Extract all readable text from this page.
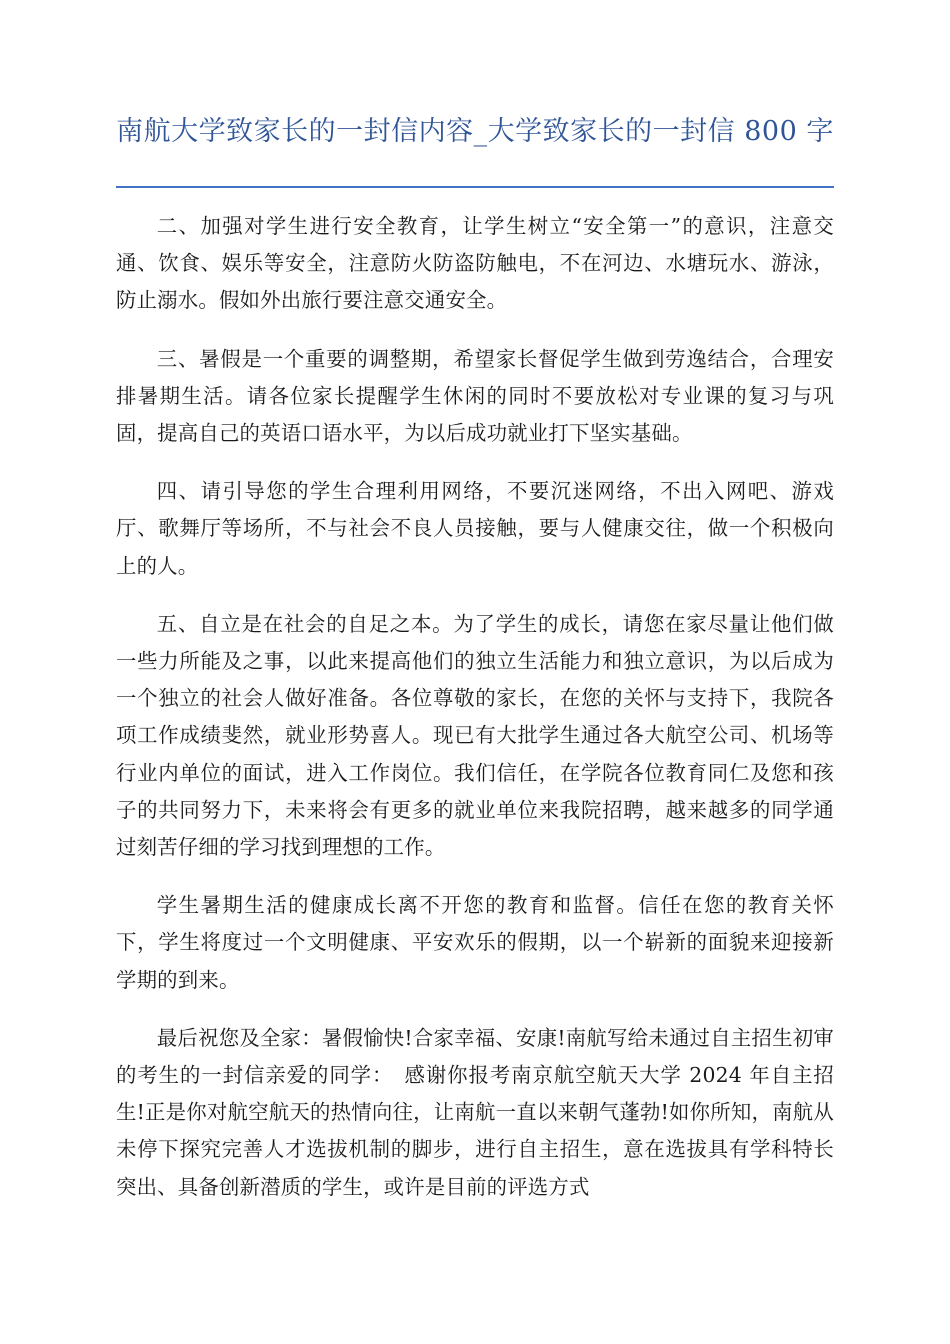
南航大学致家长的一封信内容_大学致家长的一封信 800 字

二、加强对学生进行安全教育，让学生树立“安全第一”的意识，注意交通、饮食、娱乐等安全，注意防火防盗防触电，不在河边、水塘玩水、游泳，防止溺水。假如外出旅行要注意交通安全。

三、暑假是一个重要的调整期，希望家长督促学生做到劳逸结合，合理安排暑期生活。请各位家长提醒学生休闲的同时不要放松对专业课的复习与巩固，提高自己的英语口语水平，为以后成功就业打下坚实基础。

四、请引导您的学生合理利用网络，不要沉迷网络，不出入网吧、游戏厅、歌舞厅等场所，不与社会不良人员接触，要与人健康交往，做一个积极向上的人。

五、自立是在社会的自足之本。为了学生的成长，请您在家尽量让他们做一些力所能及之事，以此来提高他们的独立生活能力和独立意识，为以后成为一个独立的社会人做好准备。各位尊敬的家长，在您的关怀与支持下，我院各项工作成绩斐然，就业形势喜人。现已有大批学生通过各大航空公司、机场等行业内单位的面试，进入工作岗位。我们信任，在学院各位教育同仁及您和孩子的共同努力下，未来将会有更多的就业单位来我院招聘，越来越多的同学通过刻苦仔细的学习找到理想的工作。

学生暑期生活的健康成长离不开您的教育和监督。信任在您的教育关怀下，学生将度过一个文明健康、平安欢乐的假期，以一个崭新的面貌来迎接新学期的到来。

最后祝您及全家：暑假愉快!合家幸福、安康!南航写给未通过自主招生初审的考生的一封信亲爱的同学：　感谢你报考南京航空航天大学 2024 年自主招生!正是你对航空航天的热情向往，让南航一直以来朝气蓬勃!如你所知，南航从未停下探究完善人才选拔机制的脚步，进行自主招生，意在选拔具有学科特长突出、具备创新潜质的学生，或许是目前的评选方式
